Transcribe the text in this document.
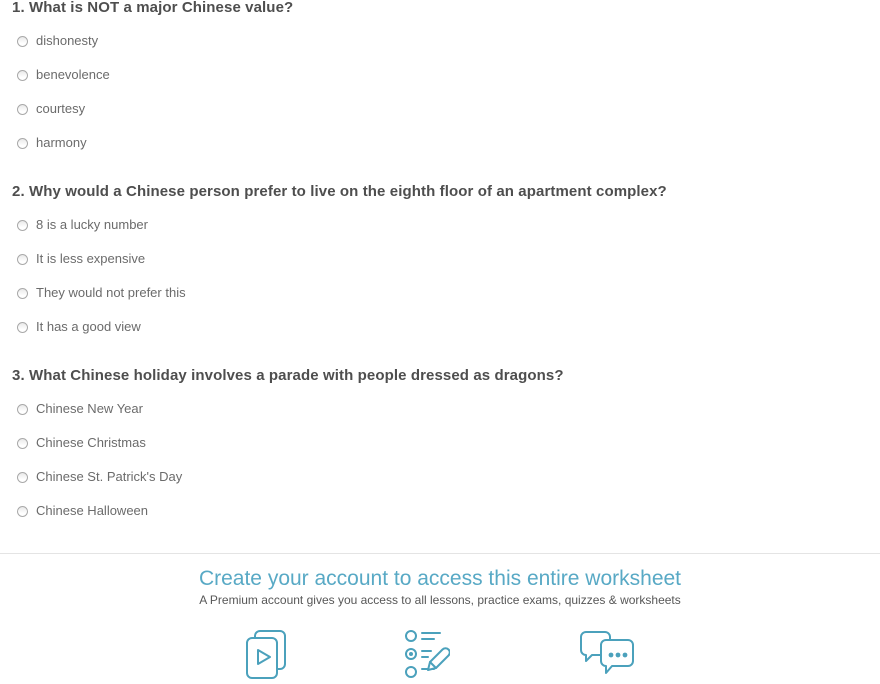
1. What is NOT a major Chinese value?
dishonesty
benevolence
courtesy
harmony
2. Why would a Chinese person prefer to live on the eighth floor of an apartment complex?
8 is a lucky number
It is less expensive
They would not prefer this
It has a good view
3. What Chinese holiday involves a parade with people dressed as dragons?
Chinese New Year
Chinese Christmas
Chinese St. Patrick's Day
Chinese Halloween
Create your account to access this entire worksheet

A Premium account gives you access to all lessons, practice exams, quizzes & worksheets
